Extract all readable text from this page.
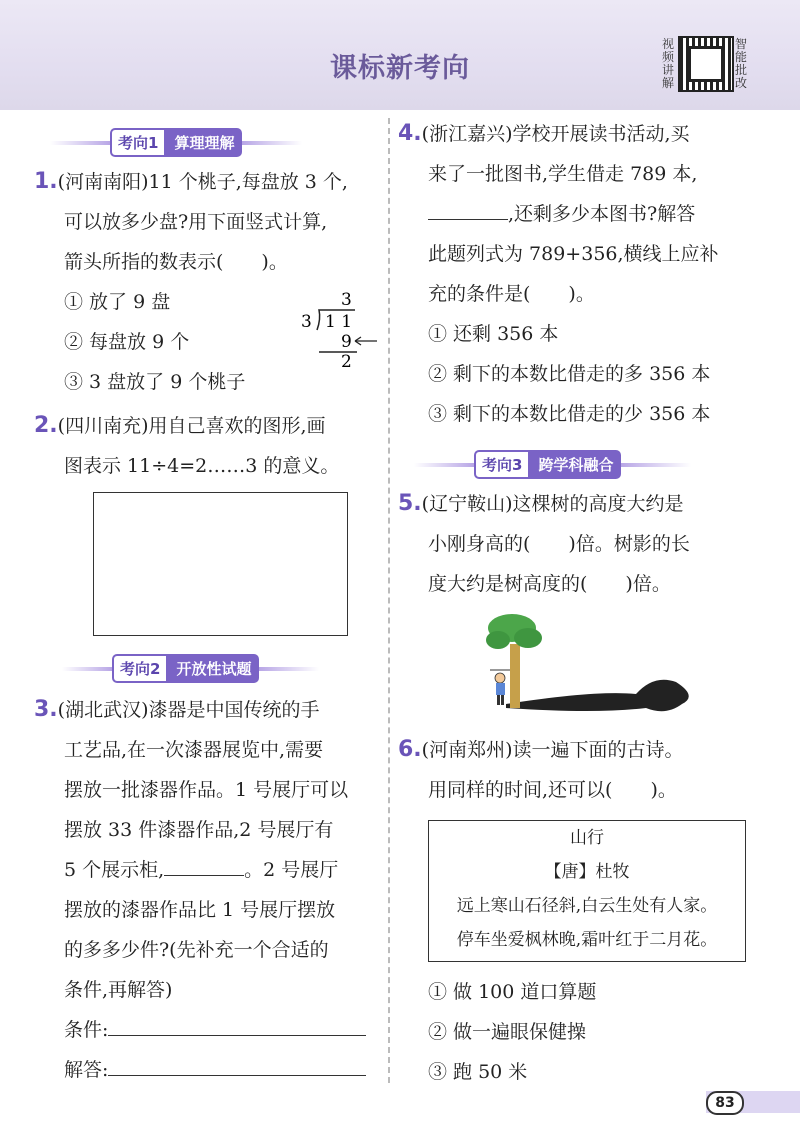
课标新考向
视频讲解
智能批改
考向1	算理理解
1.(河南南阳)11 个桃子,每盘放 3 个,
可以放多少盘?用下面竖式计算,
箭头所指的数表示(　　)。
① 放了 9 盘
② 每盘放 9 个
③ 3 盘放了 9 个桃子
3
3 1 1
9
2
2.(四川南充)用自己喜欢的图形,画
图表示 11÷4=2……3 的意义。
考向2	开放性试题
3.(湖北武汉)漆器是中国传统的手
工艺品,在一次漆器展览中,需要
摆放一批漆器作品。1 号展厅可以
摆放 33 件漆器作品,2 号展厅有
5 个展示柜,	。2 号展厅
摆放的漆器作品比 1 号展厅摆放
的多多少件?(先补充一个合适的
条件,再解答)
条件:
解答:
4.(浙江嘉兴)学校开展读书活动,买
来了一批图书,学生借走 789 本,
,还剩多少本图书?解答
此题列式为 789+356,横线上应补
充的条件是(　　)。
① 还剩 356 本
② 剩下的本数比借走的多 356 本
③ 剩下的本数比借走的少 356 本
考向3	跨学科融合
5.(辽宁鞍山)这棵树的高度大约是
小刚身高的(　　)倍。树影的长
度大约是树高度的(　　)倍。
6.(河南郑州)读一遍下面的古诗。
用同样的时间,还可以(　　)。
山行
【唐】杜牧
远上寒山石径斜,白云生处有人家。
停车坐爱枫林晚,霜叶红于二月花。
① 做 100 道口算题
② 做一遍眼保健操
③ 跑 50 米
83
